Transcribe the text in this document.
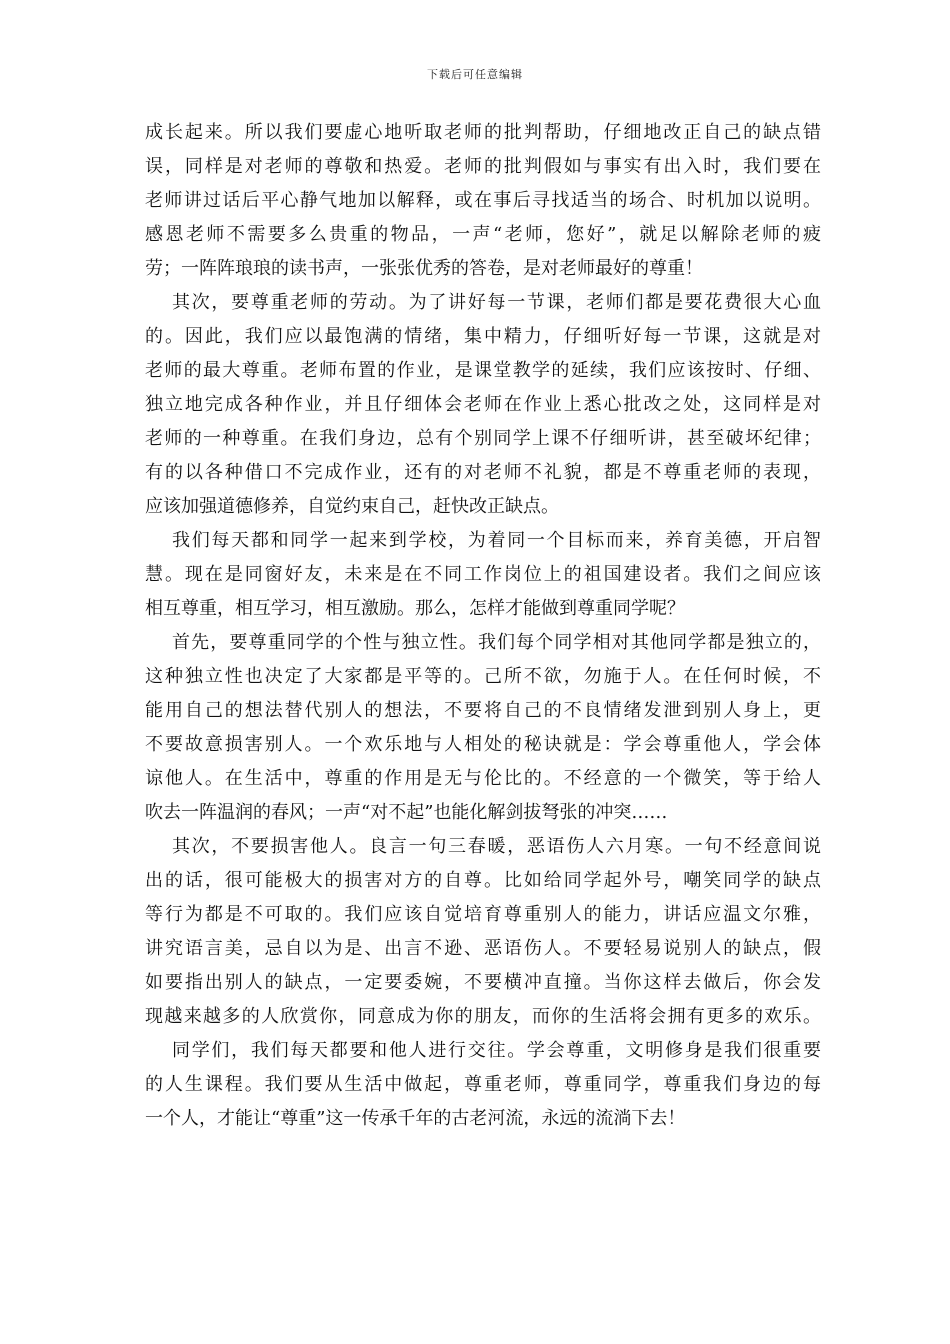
下载后可任意编辑
成长起来。所以我们要虚心地听取老师的批判帮助，仔细地改正自己的缺点错
误，同样是对老师的尊敬和热爱。老师的批判假如与事实有出入时，我们要在
老师讲过话后平心静气地加以解释，或在事后寻找适当的场合、时机加以说明。
感恩老师不需要多么贵重的物品，一声“老师，您好”，就足以解除老师的疲
劳；一阵阵琅琅的读书声，一张张优秀的答卷，是对老师最好的尊重！
其次，要尊重老师的劳动。为了讲好每一节课，老师们都是要花费很大心血
的。因此，我们应以最饱满的情绪，集中精力，仔细听好每一节课，这就是对
老师的最大尊重。老师布置的作业，是课堂教学的延续，我们应该按时、仔细、
独立地完成各种作业，并且仔细体会老师在作业上悉心批改之处，这同样是对
老师的一种尊重。在我们身边，总有个别同学上课不仔细听讲，甚至破坏纪律；
有的以各种借口不完成作业，还有的对老师不礼貌，都是不尊重老师的表现，
应该加强道德修养，自觉约束自己，赶快改正缺点。
我们每天都和同学一起来到学校，为着同一个目标而来，养育美德，开启智
慧。现在是同窗好友，未来是在不同工作岗位上的祖国建设者。我们之间应该
相互尊重，相互学习，相互激励。那么，怎样才能做到尊重同学呢？
首先，要尊重同学的个性与独立性。我们每个同学相对其他同学都是独立的，
这种独立性也决定了大家都是平等的。己所不欲，勿施于人。在任何时候，不
能用自己的想法替代别人的想法，不要将自己的不良情绪发泄到别人身上，更
不要故意损害别人。一个欢乐地与人相处的秘诀就是：学会尊重他人，学会体
谅他人。在生活中，尊重的作用是无与伦比的。不经意的一个微笑，等于给人
吹去一阵温润的春风；一声“对不起”也能化解剑拔弩张的冲突……
其次，不要损害他人。良言一句三春暖，恶语伤人六月寒。一句不经意间说
出的话，很可能极大的损害对方的自尊。比如给同学起外号，嘲笑同学的缺点
等行为都是不可取的。我们应该自觉培育尊重别人的能力，讲话应温文尔雅，
讲究语言美，忌自以为是、出言不逊、恶语伤人。不要轻易说别人的缺点，假
如要指出别人的缺点，一定要委婉，不要横冲直撞。当你这样去做后，你会发
现越来越多的人欣赏你，同意成为你的朋友，而你的生活将会拥有更多的欢乐。
同学们，我们每天都要和他人进行交往。学会尊重，文明修身是我们很重要
的人生课程。我们要从生活中做起，尊重老师，尊重同学，尊重我们身边的每
一个人，才能让“尊重”这一传承千年的古老河流，永远的流淌下去！
